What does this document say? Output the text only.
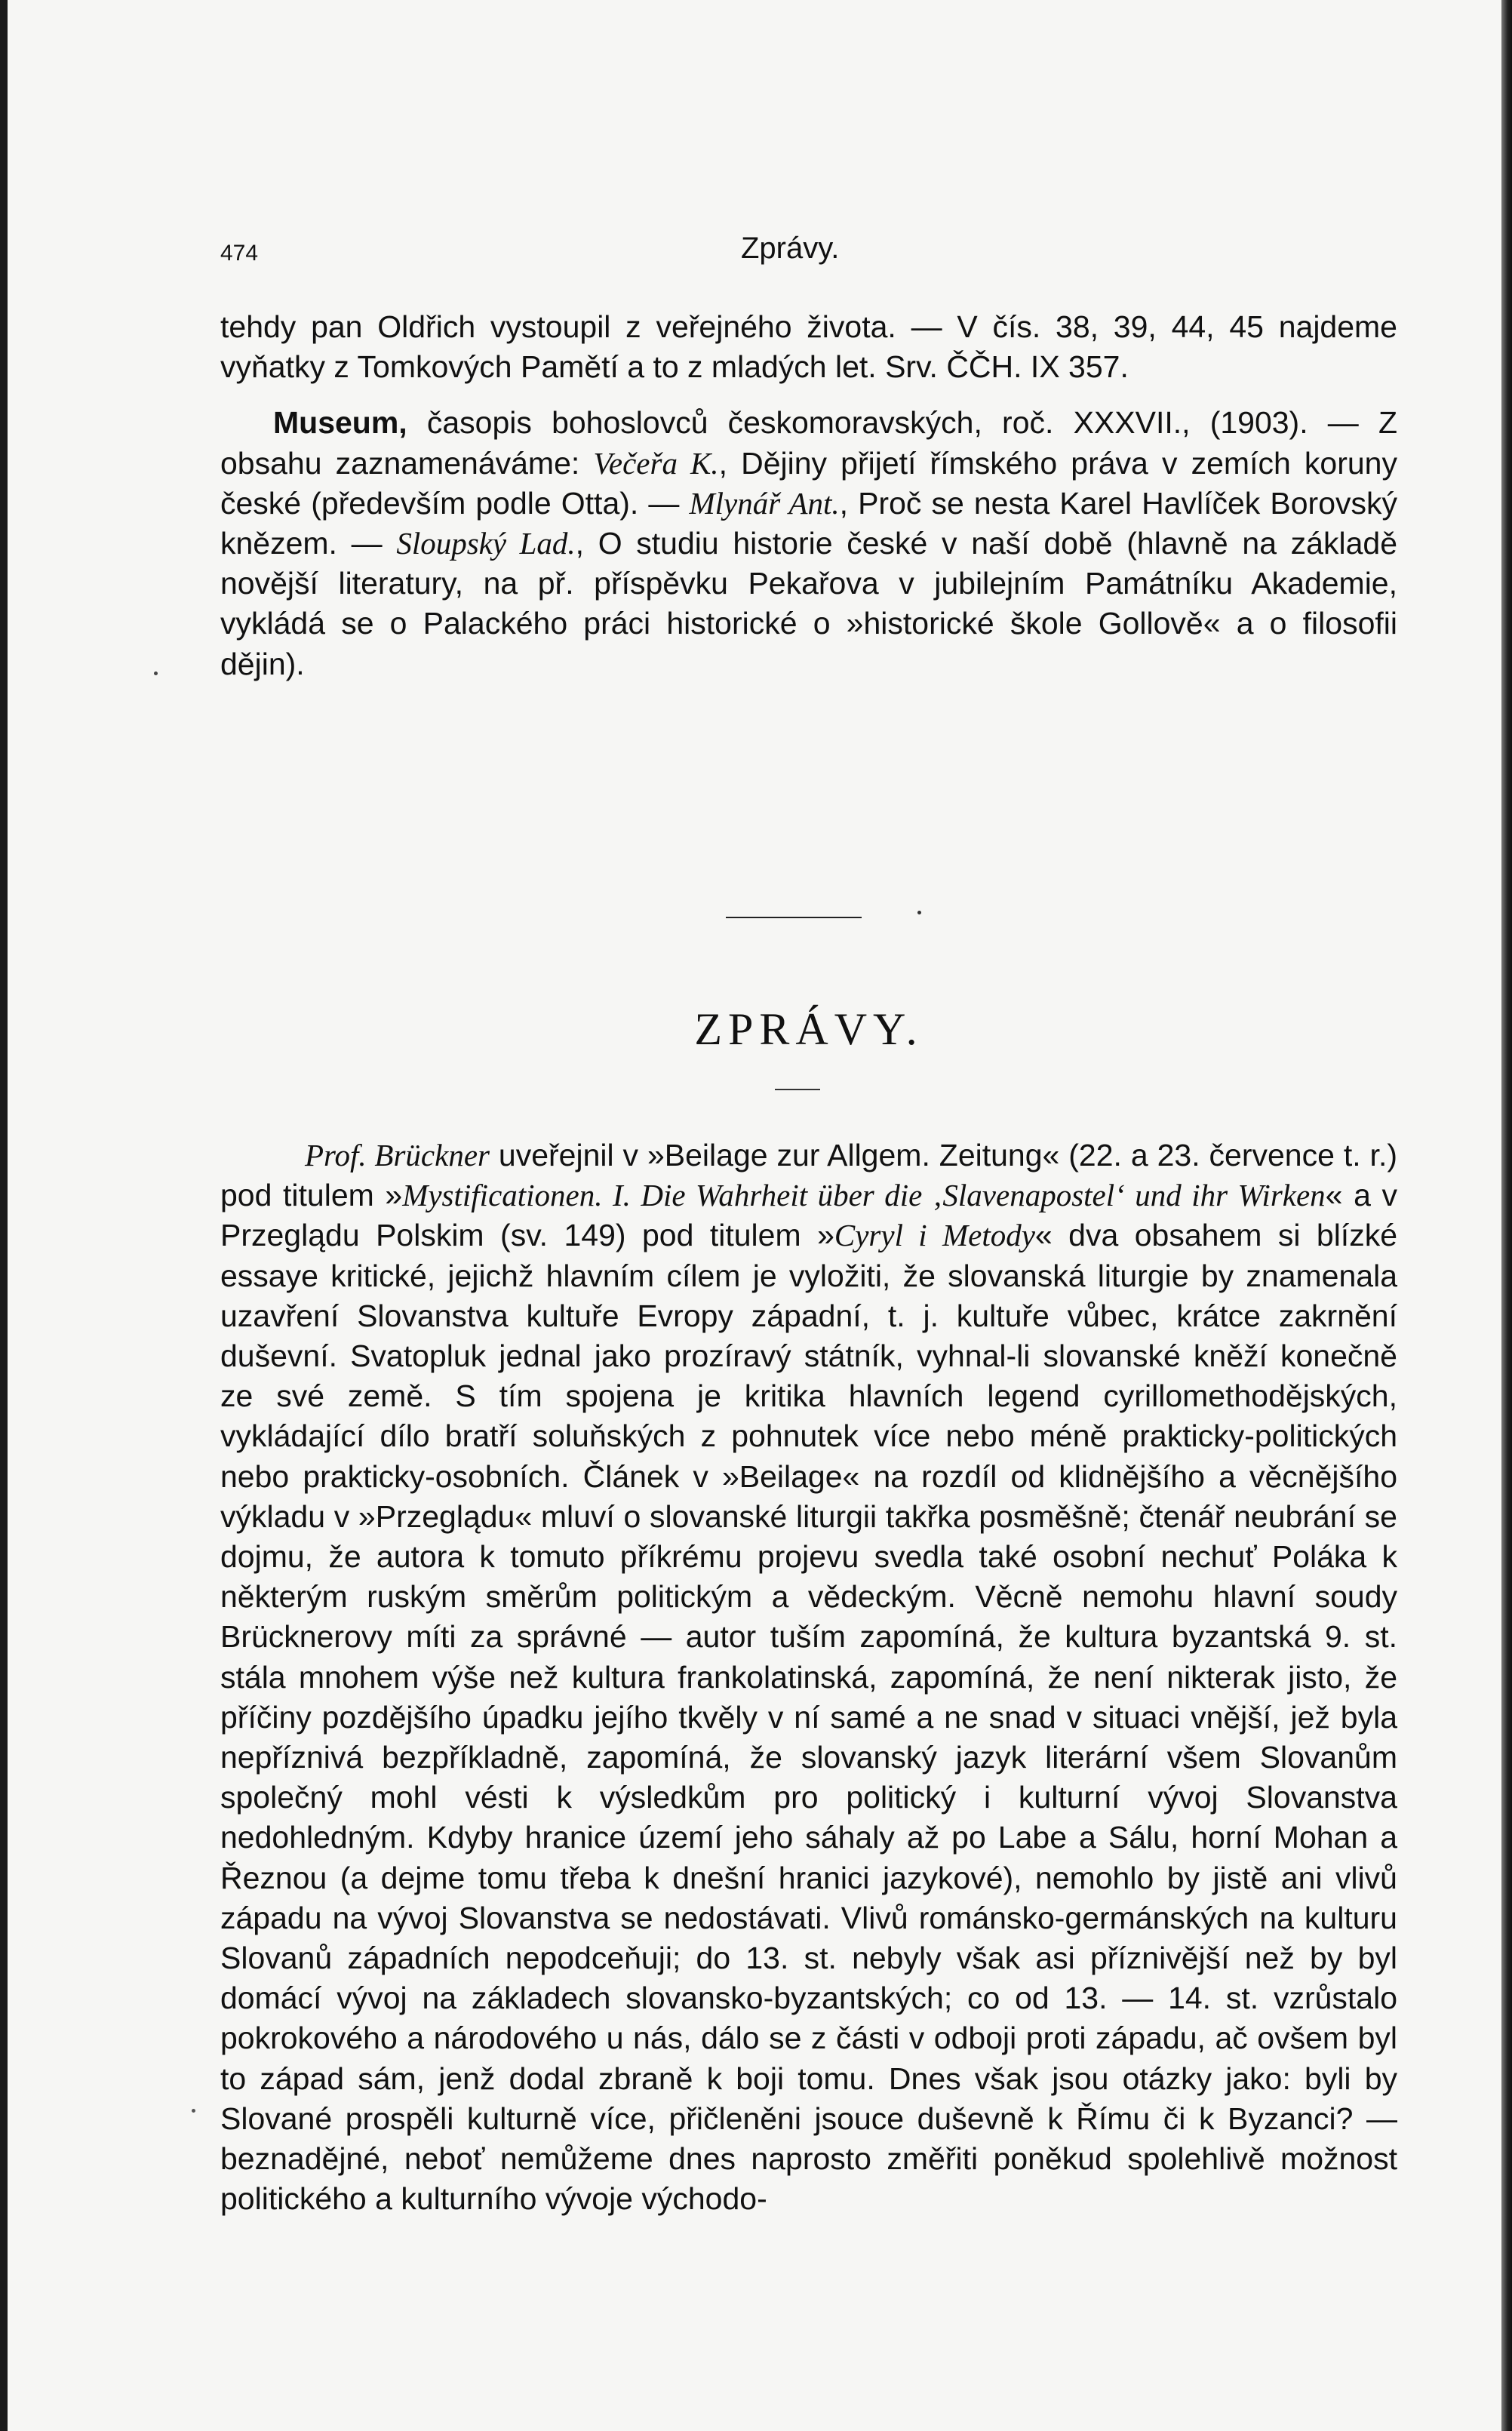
474	Zprávy.

tehdy pan Oldřich vystoupil z veřejného života. — V čís. 38, 39, 44, 45 najdeme vyňatky z Tomkových Pamětí a to z mladých let. Srv. ČČH. IX 357.

Museum, časopis bohoslovců českomoravských, roč. XXXVII., (1903). — Z obsahu zaznamenáváme: Večeřa K., Dějiny přijetí římského práva v zemích koruny české (především podle Otta). — Mlynář Ant., Proč se nesta Karel Havlíček Borovský knězem. — Sloupský Lad., O studiu historie české v naší době (hlavně na základě novější literatury, na př. příspěvku Pekařova v jubilejním Památníku Akademie, vykládá se o Palackého práci historické o »historické škole Gollově« a o filosofii dějin).

ZPRÁVY.

Prof. Brückner uveřejnil v »Beilage zur Allgem. Zeitung« (22. a 23. července t. r.) pod titulem »Mystificationen. I. Die Wahrheit über die ‚Slavenapostel‘ und ihr Wirken« a v Przeglądu Polskim (sv. 149) pod titulem »Cyryl i Metody« dva obsahem si blízké essaye kritické, jejichž hlavním cílem je vyložiti, že slovanská liturgie by znamenala uzavření Slovanstva kultuře Evropy západní, t. j. kultuře vůbec, krátce zakrnění duševní. Svatopluk jednal jako prozíravý státník, vyhnal-li slovanské kněží konečně ze své země. S tím spojena je kritika hlavních legend cyrillomethodějských, vykládající dílo bratří soluňských z pohnutek více nebo méně prakticky-politických nebo prakticky-osobních. Článek v »Beilage« na rozdíl od klidnějšího a věcnějšího výkladu v »Przeglądu« mluví o slovanské liturgii takřka posměšně; čtenář neubrání se dojmu, že autora k tomuto příkrému projevu svedla také osobní nechuť Poláka k některým ruským směrům politickým a vědeckým. Věcně nemohu hlavní soudy Brücknerovy míti za správné — autor tuším zapomíná, že kultura byzantská 9. st. stála mnohem výše než kultura frankolatinská, zapomíná, že není nikterak jisto, že příčiny pozdějšího úpadku jejího tkvěly v ní samé a ne snad v situaci vnější, jež byla nepříznivá bezpříkladně, zapomíná, že slovanský jazyk literární všem Slovanům společný mohl vésti k výsledkům pro politický i kulturní vývoj Slovanstva nedohledným. Kdyby hranice území jeho sáhaly až po Labe a Sálu, horní Mohan a Řeznou (a dejme tomu třeba k dnešní hranici jazykové), nemohlo by jistě ani vlivů západu na vývoj Slovanstva se nedostávati. Vlivů románsko-germánských na kulturu Slovanů západních nepodceňuji; do 13. st. nebyly však asi příznivější než by byl domácí vývoj na základech slovansko-byzantských; co od 13. — 14. st. vzrůstalo pokrokového a národového u nás, dálo se z části v odboji proti západu, ač ovšem byl to západ sám, jenž dodal zbraně k boji tomu. Dnes však jsou otázky jako: byli by Slované prospěli kulturně více, přičleněni jsouce duševně k Římu či k Byzanci? — beznadějné, neboť nemůžeme dnes naprosto změřiti poněkud spolehlivě možnost politického a kulturního vývoje východo-
